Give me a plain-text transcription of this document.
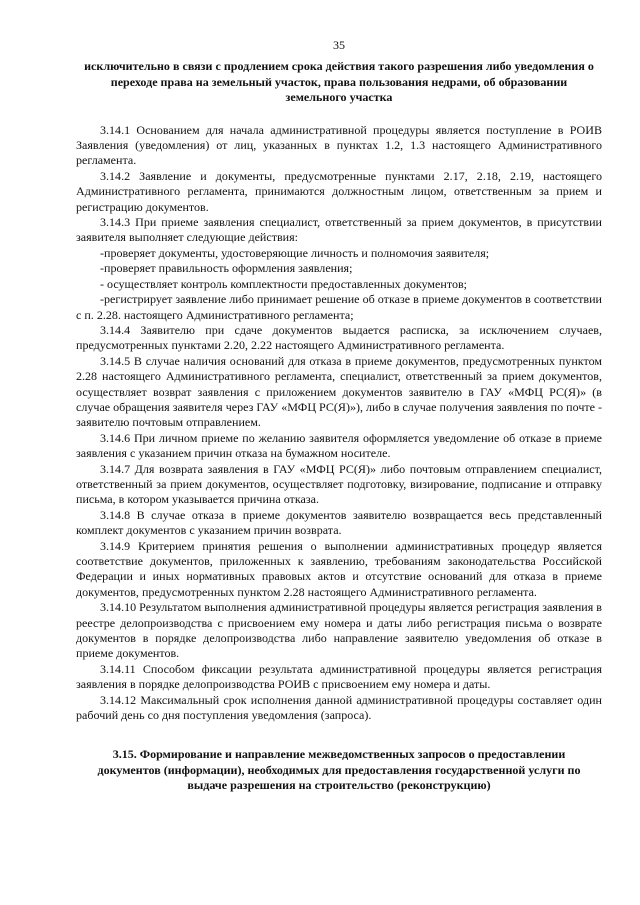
35

исключительно в связи с продлением срока действия такого разрешения либо уведомления о переходе права на земельный участок, права пользования недрами, об образовании земельного участка

3.14.1 Основанием для начала административной процедуры является поступление в РОИВ Заявления (уведомления) от лиц, указанных в пунктах 1.2, 1.3 настоящего Административного регламента.

3.14.2 Заявление и документы, предусмотренные пунктами 2.17, 2.18, 2.19, настоящего Административного регламента, принимаются должностным лицом, ответственным за прием и регистрацию документов.

3.14.3 При приеме заявления специалист, ответственный за прием документов, в присутствии заявителя выполняет следующие действия:

-проверяет документы, удостоверяющие личность и полномочия заявителя;

-проверяет правильность оформления заявления;

- осуществляет контроль комплектности предоставленных документов;

-регистрирует заявление либо принимает решение об отказе в приеме документов в соответствии с п. 2.28. настоящего Административного регламента;

3.14.4 Заявителю при сдаче документов выдается расписка, за исключением случаев, предусмотренных пунктами 2.20, 2.22 настоящего Административного регламента.

3.14.5 В случае наличия оснований для отказа в приеме документов, предусмотренных пунктом 2.28 настоящего Административного регламента, специалист, ответственный за прием документов, осуществляет возврат заявления с приложением документов заявителю в ГАУ «МФЦ РС(Я)» (в случае обращения заявителя через ГАУ «МФЦ РС(Я)»), либо в случае получения заявления по почте - заявителю почтовым отправлением.

3.14.6 При личном приеме по желанию заявителя оформляется уведомление об отказе в приеме заявления с указанием причин отказа на бумажном носителе.

3.14.7 Для возврата заявления в ГАУ «МФЦ РС(Я)» либо почтовым отправлением специалист, ответственный за прием документов, осуществляет подготовку, визирование, подписание и отправку письма, в котором указывается причина отказа.

3.14.8 В случае отказа в приеме документов заявителю возвращается весь представленный комплект документов с указанием причин возврата.

3.14.9 Критерием принятия решения о выполнении административных процедур является соответствие документов, приложенных к заявлению, требованиям законодательства Российской Федерации и иных нормативных правовых актов и отсутствие оснований для отказа в приеме документов, предусмотренных пунктом 2.28 настоящего Административного регламента.

3.14.10 Результатом выполнения административной процедуры является регистрация заявления в реестре делопроизводства с присвоением ему номера и даты либо регистрация письма о возврате документов в порядке делопроизводства либо направление заявителю уведомления об отказе в приеме документов.

3.14.11 Способом фиксации результата административной процедуры является регистрация заявления в порядке делопроизводства РОИВ с присвоением ему номера и даты.

3.14.12 Максимальный срок исполнения данной административной процедуры составляет один рабочий день со дня поступления уведомления (запроса).

3.15. Формирование и направление межведомственных запросов о предоставлении документов (информации), необходимых для предоставления государственной услуги по выдаче разрешения на строительство (реконструкцию)
